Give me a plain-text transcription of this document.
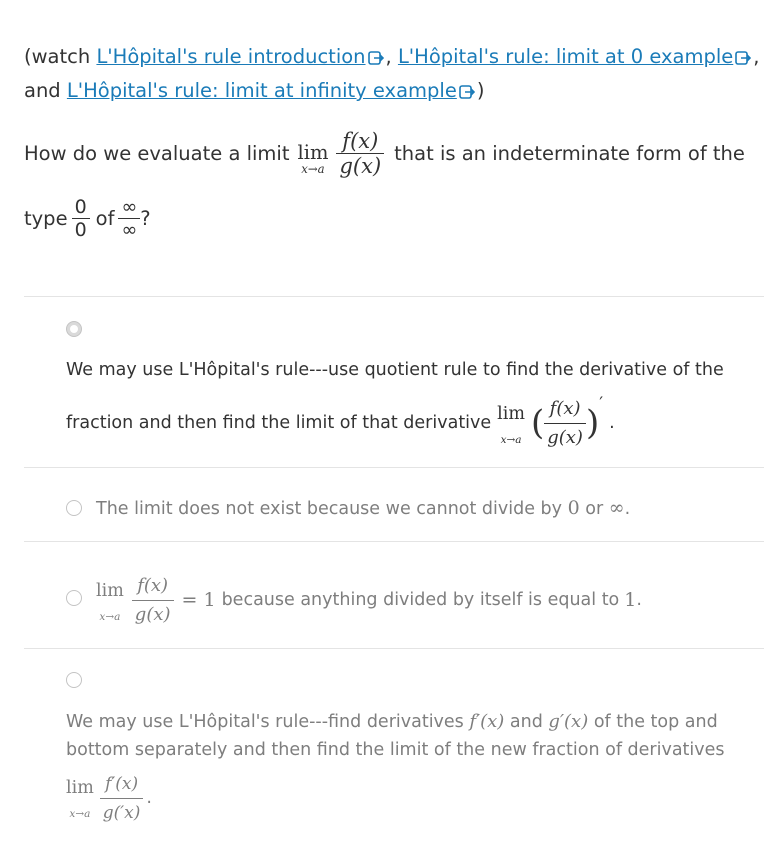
(watch L'Hôpital's rule introduction , L'Hôpital's rule: limit at 0 example ,
and L'Hôpital's rule: limit at infinity example )
How do we evaluate a limit lim
$x\to a \frac{f(x)}{g(x)}$ that is an indeterminate form of the
type $\frac{0}{0}$ of $\frac{\infty}{\infty}$ ?
We may use L'Hôpital's rule---use quotient rule to find the derivative of the
fraction and then find the limit of that derivative lim
x→a ( $\frac{f(x)}{g(x)}$ ) ′
.
The limit does not exist because we cannot divide by 0 or ∞.
lim
$x\to a \frac{f(x)}{g(x)} = 1$ because anything divided by itself is equal to 1 .
We may use L'Hôpital's rule---find derivatives f′(x) and g′(x) of the top and
bottom separately and then find the limit of the new fraction of derivatives
lim
$x\to a \frac{f'(x)}{g('x)}$ .
